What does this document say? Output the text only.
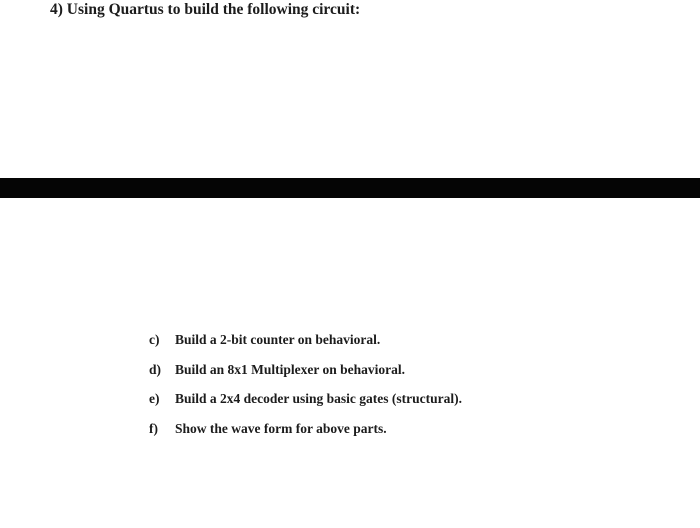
4) Using Quartus to build the following circuit:
c)	Build a 2-bit counter on behavioral.
d)	Build an 8x1 Multiplexer on behavioral.
e)	Build a 2x4 decoder using basic gates (structural).
f)	Show the wave form for above parts.
